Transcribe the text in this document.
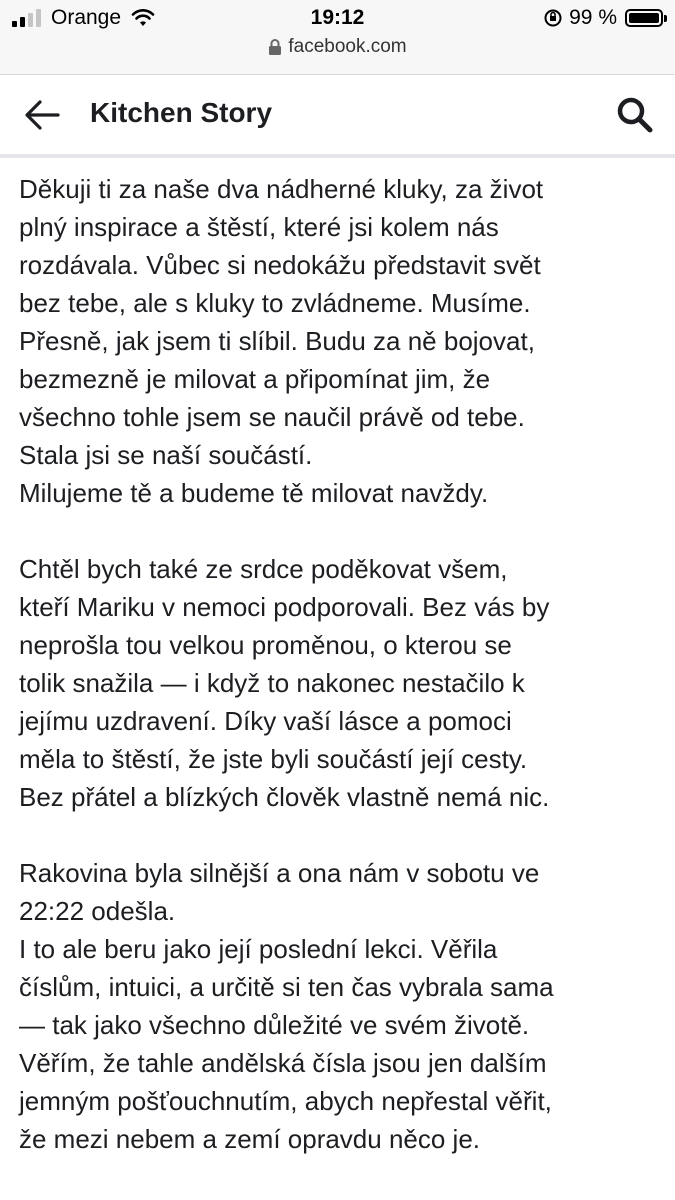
Orange	19:12	99 %
facebook.com
Kitchen Story

Děkuji ti za naše dva nádherné kluky, za život
plný inspirace a štěstí, které jsi kolem nás
rozdávala. Vůbec si nedokážu představit svět
bez tebe, ale s kluky to zvládneme. Musíme.
Přesně, jak jsem ti slíbil. Budu za ně bojovat,
bezmezně je milovat a připomínat jim, že
všechno tohle jsem se naučil právě od tebe.
Stala jsi se naší součástí.
Milujeme tě a budeme tě milovat navždy.

Chtěl bych také ze srdce poděkovat všem,
kteří Mariku v nemoci podporovali. Bez vás by
neprošla tou velkou proměnou, o kterou se
tolik snažila — i když to nakonec nestačilo k
jejímu uzdravení. Díky vaší lásce a pomoci
měla to štěstí, že jste byli součástí její cesty.
Bez přátel a blízkých člověk vlastně nemá nic.

Rakovina byla silnější a ona nám v sobotu ve
22:22 odešla.
I to ale beru jako její poslední lekci. Věřila
číslům, intuici, a určitě si ten čas vybrala sama
— tak jako všechno důležité ve svém životě.
Věřím, že tahle andělská čísla jsou jen dalším
jemným pošťouchnutím, abych nepřestal věřit,
že mezi nebem a zemí opravdu něco je.
